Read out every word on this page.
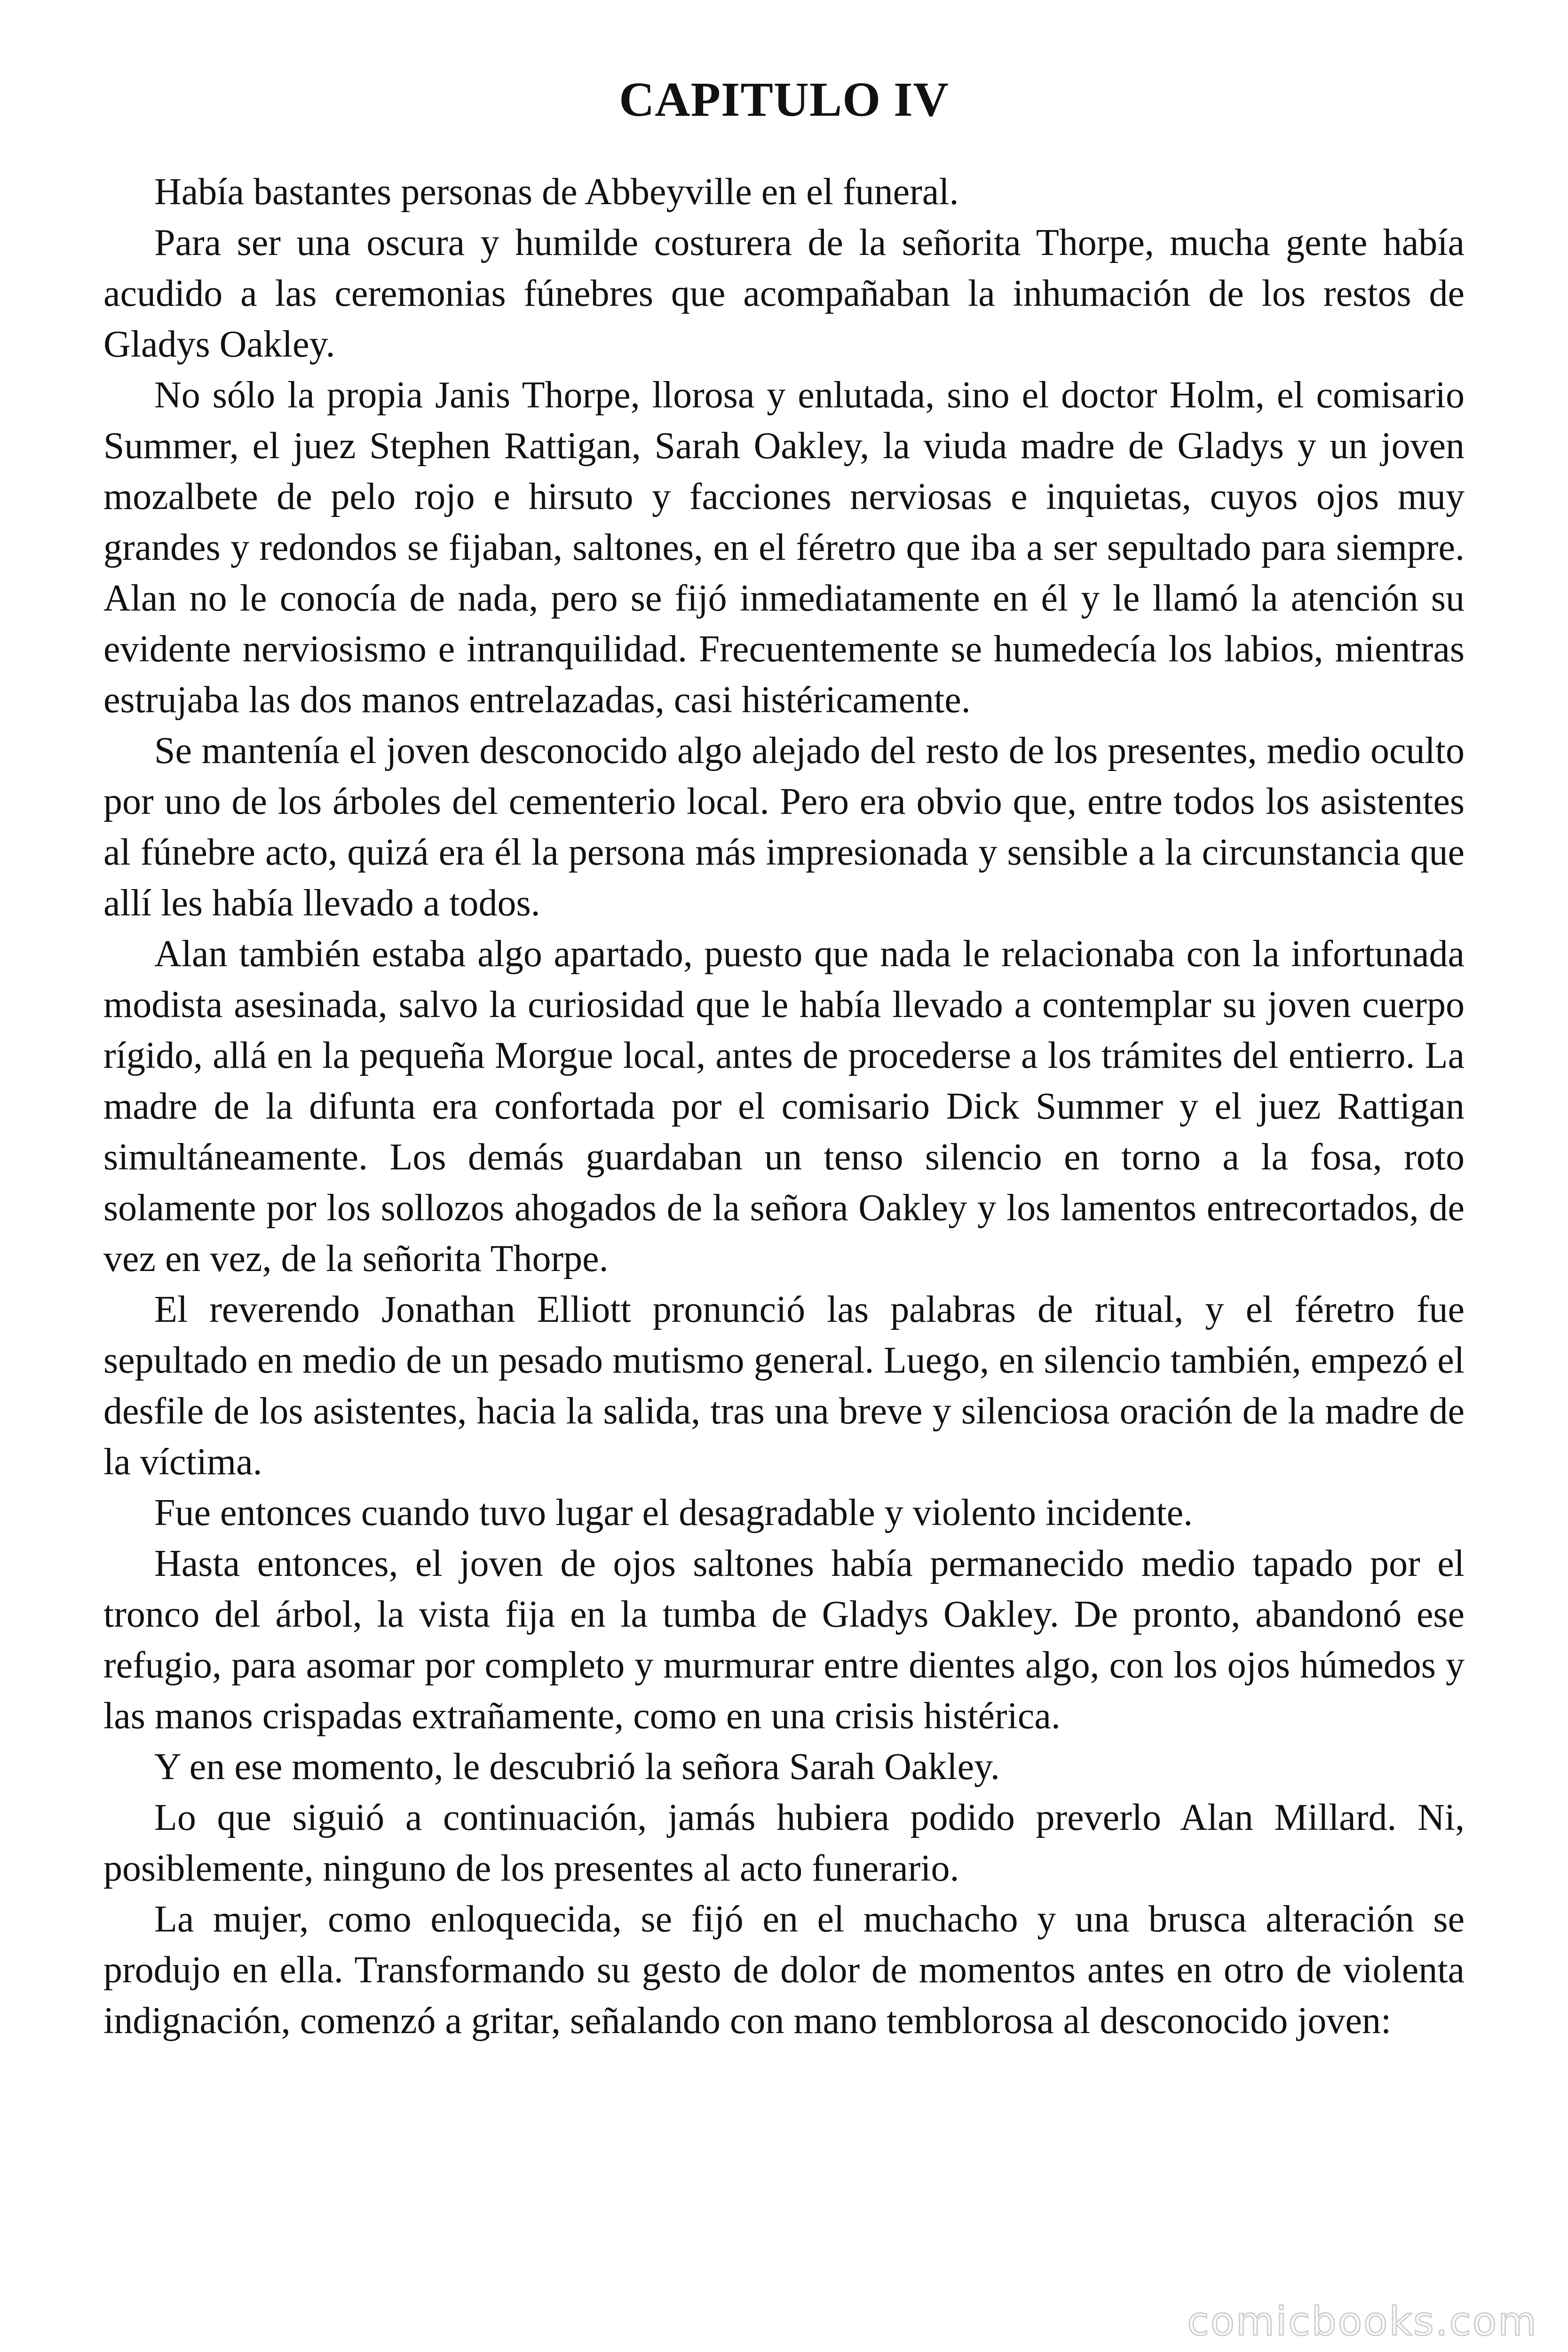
CAPITULO IV

Había bastantes personas de Abbeyville en el funeral.

Para ser una oscura y humilde costurera de la señorita Thorpe, mucha gente había acudido a las ceremonias fúnebres que acompañaban la inhumación de los restos de Gladys Oakley.

No sólo la propia Janis Thorpe, llorosa y enlutada, sino el doctor Holm, el comisario Summer, el juez Stephen Rattigan, Sarah Oakley, la viuda madre de Gladys y un joven mozalbete de pelo rojo e hirsuto y facciones nerviosas e inquietas, cuyos ojos muy grandes y redondos se fijaban, saltones, en el féretro que iba a ser sepultado para siempre. Alan no le conocía de nada, pero se fijó inmediatamente en él y le llamó la atención su evidente nerviosismo e intranquilidad. Frecuentemente se humedecía los labios, mientras estrujaba las dos manos entrelazadas, casi histéricamente.

Se mantenía el joven desconocido algo alejado del resto de los presentes, medio oculto por uno de los árboles del cementerio local. Pero era obvio que, entre todos los asistentes al fúnebre acto, quizá era él la persona más impresionada y sensible a la circunstancia que allí les había llevado a todos.

Alan también estaba algo apartado, puesto que nada le relacionaba con la infortunada modista asesinada, salvo la curiosidad que le había llevado a contemplar su joven cuerpo rígido, allá en la pequeña Morgue local, antes de procederse a los trámites del entierro. La madre de la difunta era confortada por el comisario Dick Summer y el juez Rattigan simultáneamente. Los demás guardaban un tenso silencio en torno a la fosa, roto solamente por los sollozos ahogados de la señora Oakley y los lamentos entrecortados, de vez en vez, de la señorita Thorpe.

El reverendo Jonathan Elliott pronunció las palabras de ritual, y el féretro fue sepultado en medio de un pesado mutismo general. Luego, en silencio también, empezó el desfile de los asistentes, hacia la salida, tras una breve y silenciosa oración de la madre de la víctima.

Fue entonces cuando tuvo lugar el desagradable y violento incidente.

Hasta entonces, el joven de ojos saltones había permanecido medio tapado por el tronco del árbol, la vista fija en la tumba de Gladys Oakley. De pronto, abandonó ese refugio, para asomar por completo y murmurar entre dientes algo, con los ojos húmedos y las manos crispadas extrañamente, como en una crisis histérica.

Y en ese momento, le descubrió la señora Sarah Oakley.

Lo que siguió a continuación, jamás hubiera podido preverlo Alan Millard. Ni, posiblemente, ninguno de los presentes al acto funerario.

La mujer, como enloquecida, se fijó en el muchacho y una brusca alteración se produjo en ella. Transformando su gesto de dolor de momentos antes en otro de violenta indignación, comenzó a gritar, señalando con mano temblorosa al desconocido joven:

comicbooks.com
